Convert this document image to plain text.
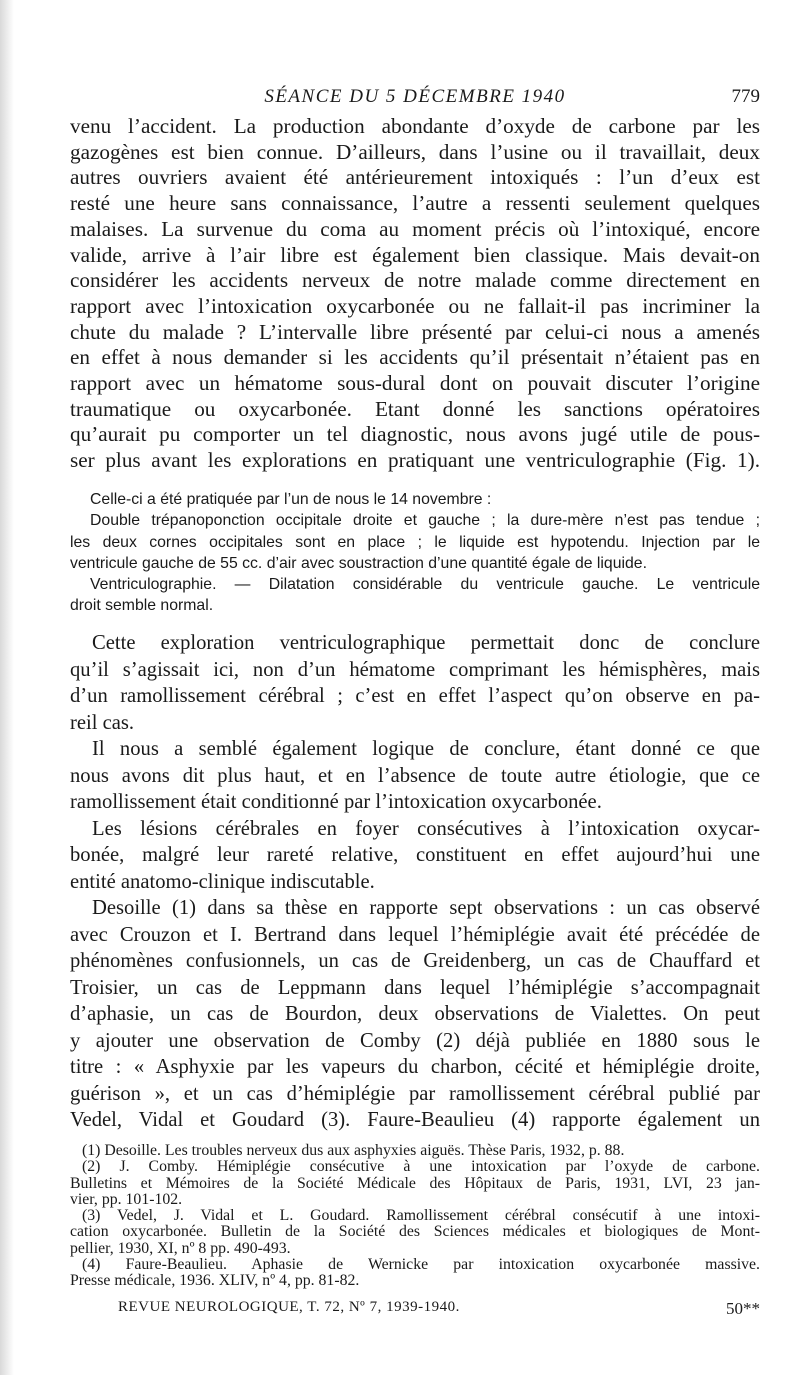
SÉANCE DU 5 DÉCEMBRE 1940	779

venu l’accident. La production abondante d’oxyde de carbone par les

gazogènes est bien connue. D’ailleurs, dans l’usine ou il travaillait, deux

autres ouvriers avaient été antérieurement intoxiqués : l’un d’eux est

resté une heure sans connaissance, l’autre a ressenti seulement quelques

malaises. La survenue du coma au moment précis où l’intoxiqué, encore

valide, arrive à l’air libre est également bien classique. Mais devait-on

considérer les accidents nerveux de notre malade comme directement en

rapport avec l’intoxication oxycarbonée ou ne fallait-il pas incriminer la

chute du malade ? L’intervalle libre présenté par celui-ci nous a amenés

en effet à nous demander si les accidents qu’il présentait n’étaient pas en

rapport avec un hématome sous-dural dont on pouvait discuter l’origine

traumatique ou oxycarbonée. Etant donné les sanctions opératoires

qu’aurait pu comporter un tel diagnostic, nous avons jugé utile de pous-

ser plus avant les explorations en pratiquant une ventriculographie (Fig. 1).

Celle-ci a été pratiquée par l’un de nous le 14 novembre :

Double trépanoponction occipitale droite et gauche ; la dure-mère n’est pas tendue ;

les deux cornes occipitales sont en place ; le liquide est hypotendu. Injection par le

ventricule gauche de 55 cc. d’air avec soustraction d’une quantité égale de liquide.

Ventriculographie. — Dilatation considérable du ventricule gauche. Le ventricule

droit semble normal.

Cette exploration ventriculographique permettait donc de conclure

qu’il s’agissait ici, non d’un hématome comprimant les hémisphères, mais

d’un ramollissement cérébral ; c’est en effet l’aspect qu’on observe en pa-

reil cas.

Il nous a semblé également logique de conclure, étant donné ce que

nous avons dit plus haut, et en l’absence de toute autre étiologie, que ce

ramollissement était conditionné par l’intoxication oxycarbonée.

Les lésions cérébrales en foyer consécutives à l’intoxication oxycar-

bonée, malgré leur rareté relative, constituent en effet aujourd’hui une

entité anatomo-clinique indiscutable.

Desoille (1) dans sa thèse en rapporte sept observations : un cas observé

avec Crouzon et I. Bertrand dans lequel l’hémiplégie avait été précédée de

phénomènes confusionnels, un cas de Greidenberg, un cas de Chauffard et

Troisier, un cas de Leppmann dans lequel l’hémiplégie s’accompagnait

d’aphasie, un cas de Bourdon, deux observations de Vialettes. On peut

y ajouter une observation de Comby (2) déjà publiée en 1880 sous le

titre : « Asphyxie par les vapeurs du charbon, cécité et hémiplégie droite,

guérison », et un cas d’hémiplégie par ramollissement cérébral publié par

Vedel, Vidal et Goudard (3). Faure-Beaulieu (4) rapporte également un

(1) Desoille. Les troubles nerveux dus aux asphyxies aiguës. Thèse Paris, 1932, p. 88.

(2) J. Comby. Hémiplégie consécutive à une intoxication par l’oxyde de carbone.

Bulletins et Mémoires de la Société Médicale des Hôpitaux de Paris, 1931, LVI, 23 jan-

vier, pp. 101-102.

(3) Vedel, J. Vidal et L. Goudard. Ramollissement cérébral consécutif à une intoxi-

cation oxycarbonée. Bulletin de la Société des Sciences médicales et biologiques de Mont-

pellier, 1930, XI, nº 8 pp. 490-493.

(4) Faure-Beaulieu. Aphasie de Wernicke par intoxication oxycarbonée massive.

Presse médicale, 1936. XLIV, nº 4, pp. 81-82.

REVUE NEUROLOGIQUE, T. 72, Nº 7, 1939-1940.	50**
